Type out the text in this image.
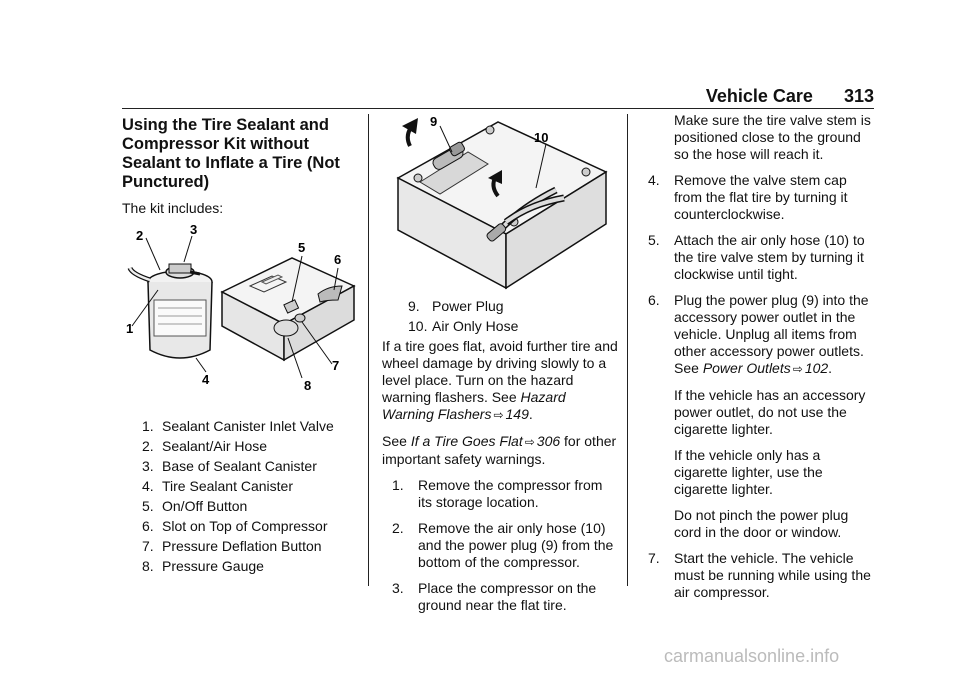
Vehicle Care 313
Using the Tire Sealant and Compressor Kit without Sealant to Inflate a Tire (Not Punctured)

The kit includes:

2	3
1
4
5
6
7
8
1. Sealant Canister Inlet Valve
2. Sealant/Air Hose
3. Base of Sealant Canister
4. Tire Sealant Canister
5. On/Off Button
6. Slot on Top of Compressor
7. Pressure Deflation Button
8. Pressure Gauge
9
10
9. Power Plug
10. Air Only Hose

If a tire goes flat, avoid further tire and wheel damage by driving slowly to a level place. Turn on the hazard warning flashers. See Hazard Warning Flashers ⇨ 149.

See If a Tire Goes Flat ⇨ 306 for other important safety warnings.

1. Remove the compressor from its storage location.
2. Remove the air only hose (10) and the power plug (9) from the bottom of the compressor.
3. Place the compressor on the ground near the flat tire.

Make sure the tire valve stem is positioned close to the ground so the hose will reach it.

4. Remove the valve stem cap from the flat tire by turning it counterclockwise.
5. Attach the air only hose (10) to the tire valve stem by turning it clockwise until tight.
6. Plug the power plug (9) into the accessory power outlet in the vehicle. Unplug all items from other accessory power outlets. See Power Outlets ⇨ 102.

If the vehicle has an accessory power outlet, do not use the cigarette lighter.

If the vehicle only has a cigarette lighter, use the cigarette lighter.

Do not pinch the power plug cord in the door or window.

7. Start the vehicle. The vehicle must be running while using the air compressor.
carmanualsonline.info
